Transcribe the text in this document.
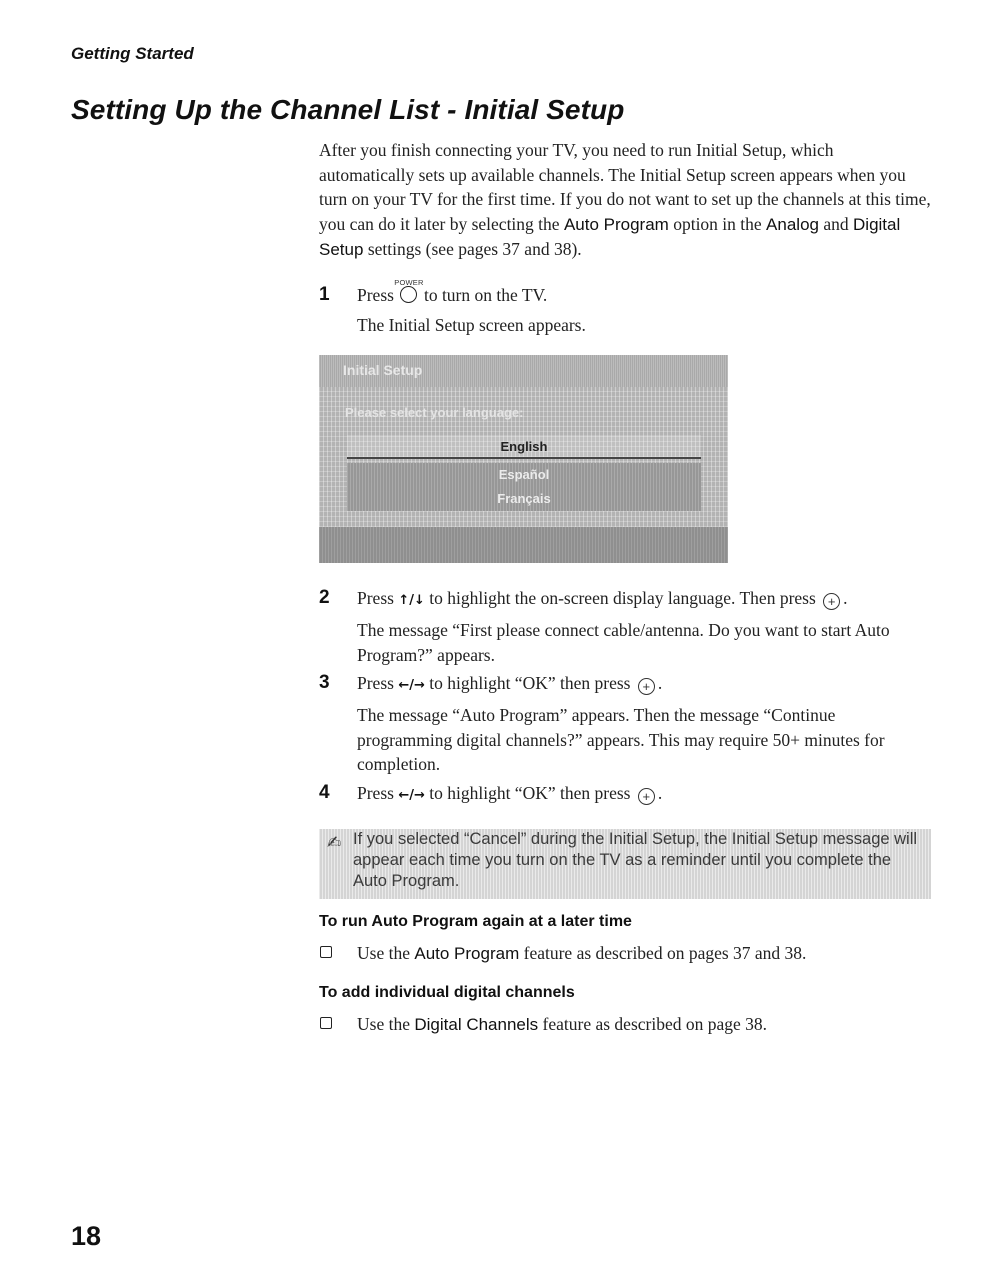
Getting Started
Setting Up the Channel List - Initial Setup
After you finish connecting your TV, you need to run Initial Setup, which automatically sets up available channels. The Initial Setup screen appears when you turn on your TV for the first time. If you do not want to set up the channels at this time, you can do it later by selecting the Auto Program option in the Analog and Digital Setup settings (see pages 37 and 38).
1 Press
POWER
to turn on the TV.
The Initial Setup screen appears.
Initial Setup
Please select your language:
English
Español
Français
2 Press ↑/↓ to highlight the on-screen display language. Then press + .
The message “First please connect cable/antenna. Do you want to start Auto Program?” appears.
3 Press ←/→ to highlight “OK” then press + .
The message “Auto Program” appears. Then the message “Continue programming digital channels?” appears. This may require 50+ minutes for completion.
4 Press ←/→ to highlight “OK” then press + .
✍ If you selected “Cancel” during the Initial Setup, the Initial Setup message will appear each time you turn on the TV as a reminder until you complete the Auto Program.
To run Auto Program again at a later time
Use the Auto Program feature as described on pages 37 and 38.
To add individual digital channels
Use the Digital Channels feature as described on page 38.
18
